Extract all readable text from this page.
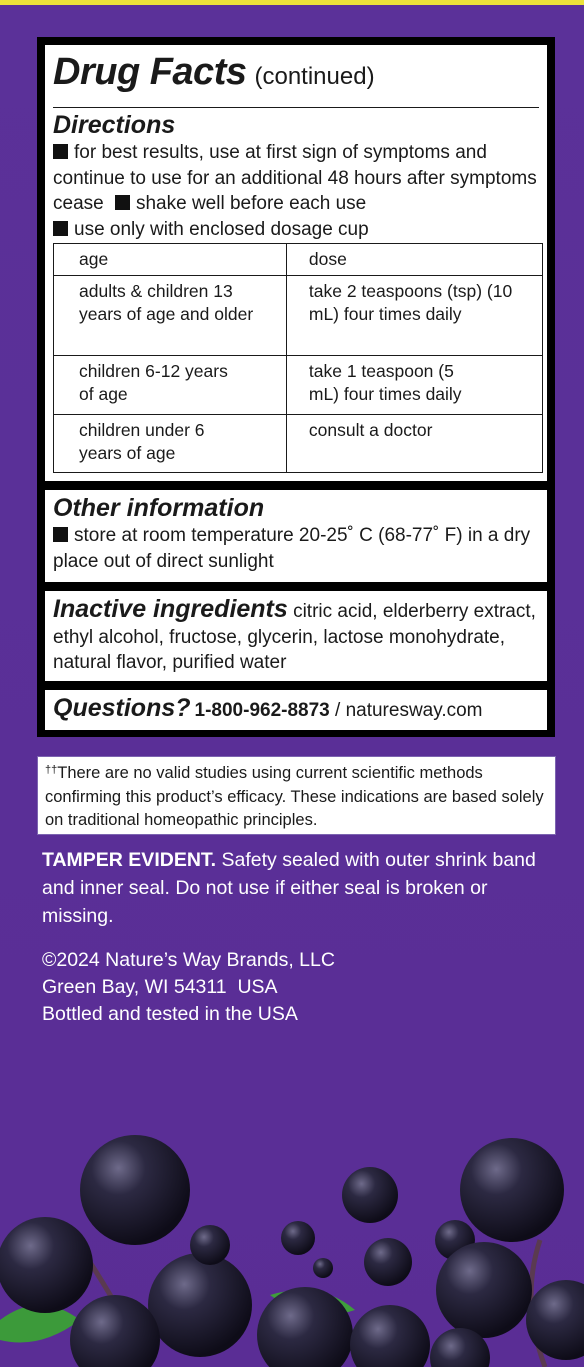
Drug Facts (continued)
Directions
for best results, use at first sign of symptoms and continue to use for an additional 48 hours after symptoms cease shake well before each use
use only with enclosed dosage cup
age	dose
adults & children 13 years of age and older	take 2 teaspoons (tsp) (10 mL) four times daily
children 6-12 years of age	take 1 teaspoon (5 mL) four times daily
children under 6 years of age	consult a doctor
Other information
store at room temperature 20-25˚ C (68-77˚ F) in a dry place out of direct sunlight
Inactive ingredients citric acid, elderberry extract, ethyl alcohol, fructose, glycerin, lactose monohydrate, natural flavor, purified water
Questions? 1-800-962-8873 / naturesway.com
††There are no valid studies using current scientific methods confirming this product’s efficacy. These indications are based solely on traditional homeopathic principles.
TAMPER EVIDENT. Safety sealed with outer shrink band and inner seal. Do not use if either seal is broken or missing.
©2024 Nature’s Way Brands, LLC
Green Bay, WI 54311  USA
Bottled and tested in the USA
